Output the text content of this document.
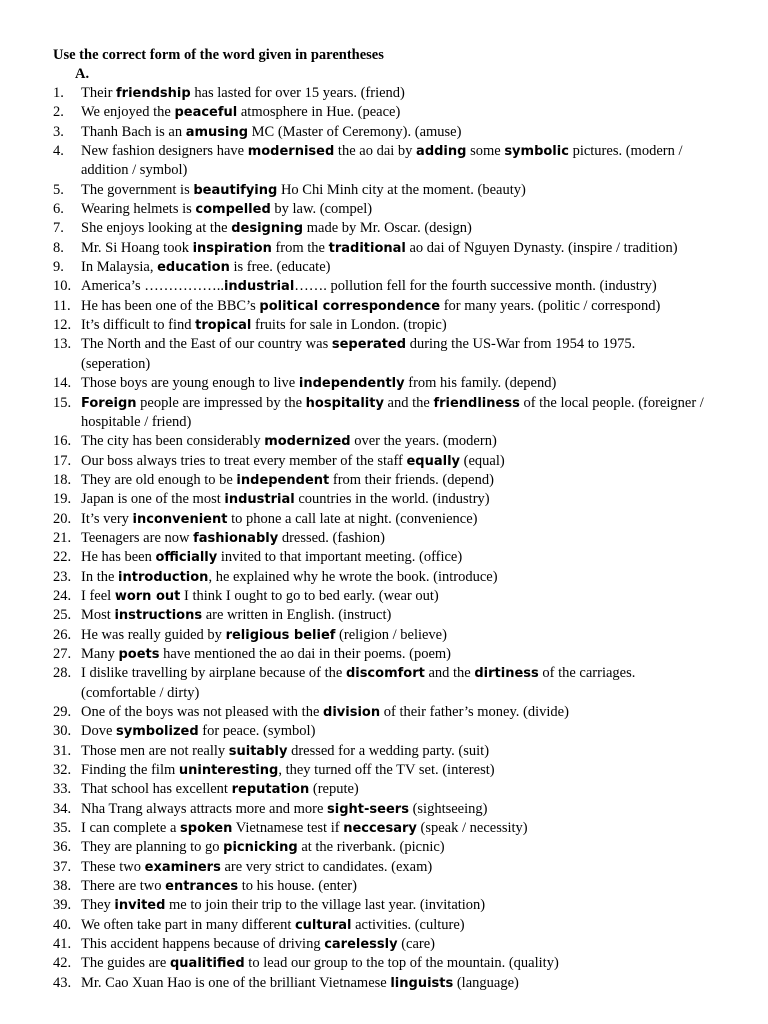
Use the correct form of the word given in parentheses
A.
1.	Their friendship has lasted for over 15 years. (friend)
2.	We enjoyed the peaceful atmosphere in Hue. (peace)
3.	Thanh Bach is an amusing MC (Master of Ceremony). (amuse)
4.	New fashion designers have modernised the ao dai by adding some symbolic pictures. (modern /
addition / symbol)
5.	The government is beautifying Ho Chi Minh city at the moment. (beauty)
6.	Wearing helmets is compelled by law. (compel)
7.	She enjoys looking at the designing made by Mr. Oscar. (design)
8.	Mr. Si Hoang took inspiration from the traditional ao dai of Nguyen Dynasty. (inspire / tradition)
9.	In Malaysia, education is free. (educate)
10. America’s ……………..industrial……. pollution fell for the fourth successive month. (industry)
11. He has been one of the BBC’s political correspondence for many years. (politic / correspond)
12. It’s difficult to find tropical fruits for sale in London. (tropic)
13. The North and the East of our country was seperated during the US-War from 1954 to 1975.
(seperation)
14. Those boys are young enough to live independently from his family. (depend)
15. Foreign people are impressed by the hospitality and the friendliness of the local people. (foreigner /
hospitable / friend)
16. The city has been considerably modernized over the years. (modern)
17. Our boss always tries to treat every member of the staff equally (equal)
18. They are old enough to be independent from their friends. (depend)
19. Japan is one of the most industrial countries in the world. (industry)
20. It’s very inconvenient to phone a call late at night. (convenience)
21. Teenagers are now fashionably dressed. (fashion)
22. He has been officially invited to that important meeting. (office)
23. In the introduction, he explained why he wrote the book. (introduce)
24. I feel worn out I think I ought to go to bed early. (wear out)
25. Most instructions are written in English. (instruct)
26. He was really guided by religious belief (religion / believe)
27. Many poets have mentioned the ao dai in their poems. (poem)
28. I dislike travelling by airplane because of the discomfort and the dirtiness of the carriages.
(comfortable / dirty)
29. One of the boys was not pleased with the division of their father’s money. (divide)
30. Dove symbolized for peace. (symbol)
31. Those men are not really suitably dressed for a wedding party. (suit)
32. Finding the film uninteresting, they turned off the TV set. (interest)
33. That school has excellent reputation (repute)
34. Nha Trang always attracts more and more sight-seers (sightseeing)
35. I can complete a spoken Vietnamese test if neccesary (speak / necessity)
36. They are planning to go picnicking at the riverbank. (picnic)
37. These two examiners are very strict to candidates. (exam)
38. There are two entrances to his house. (enter)
39. They invited me to join their trip to the village last year. (invitation)
40. We often take part in many different cultural activities. (culture)
41. This accident happens because of driving carelessly (care)
42. The guides are qualitified to lead our group to the top of the mountain. (quality)
43. Mr. Cao Xuan Hao is one of the brilliant Vietnamese linguists (language)
